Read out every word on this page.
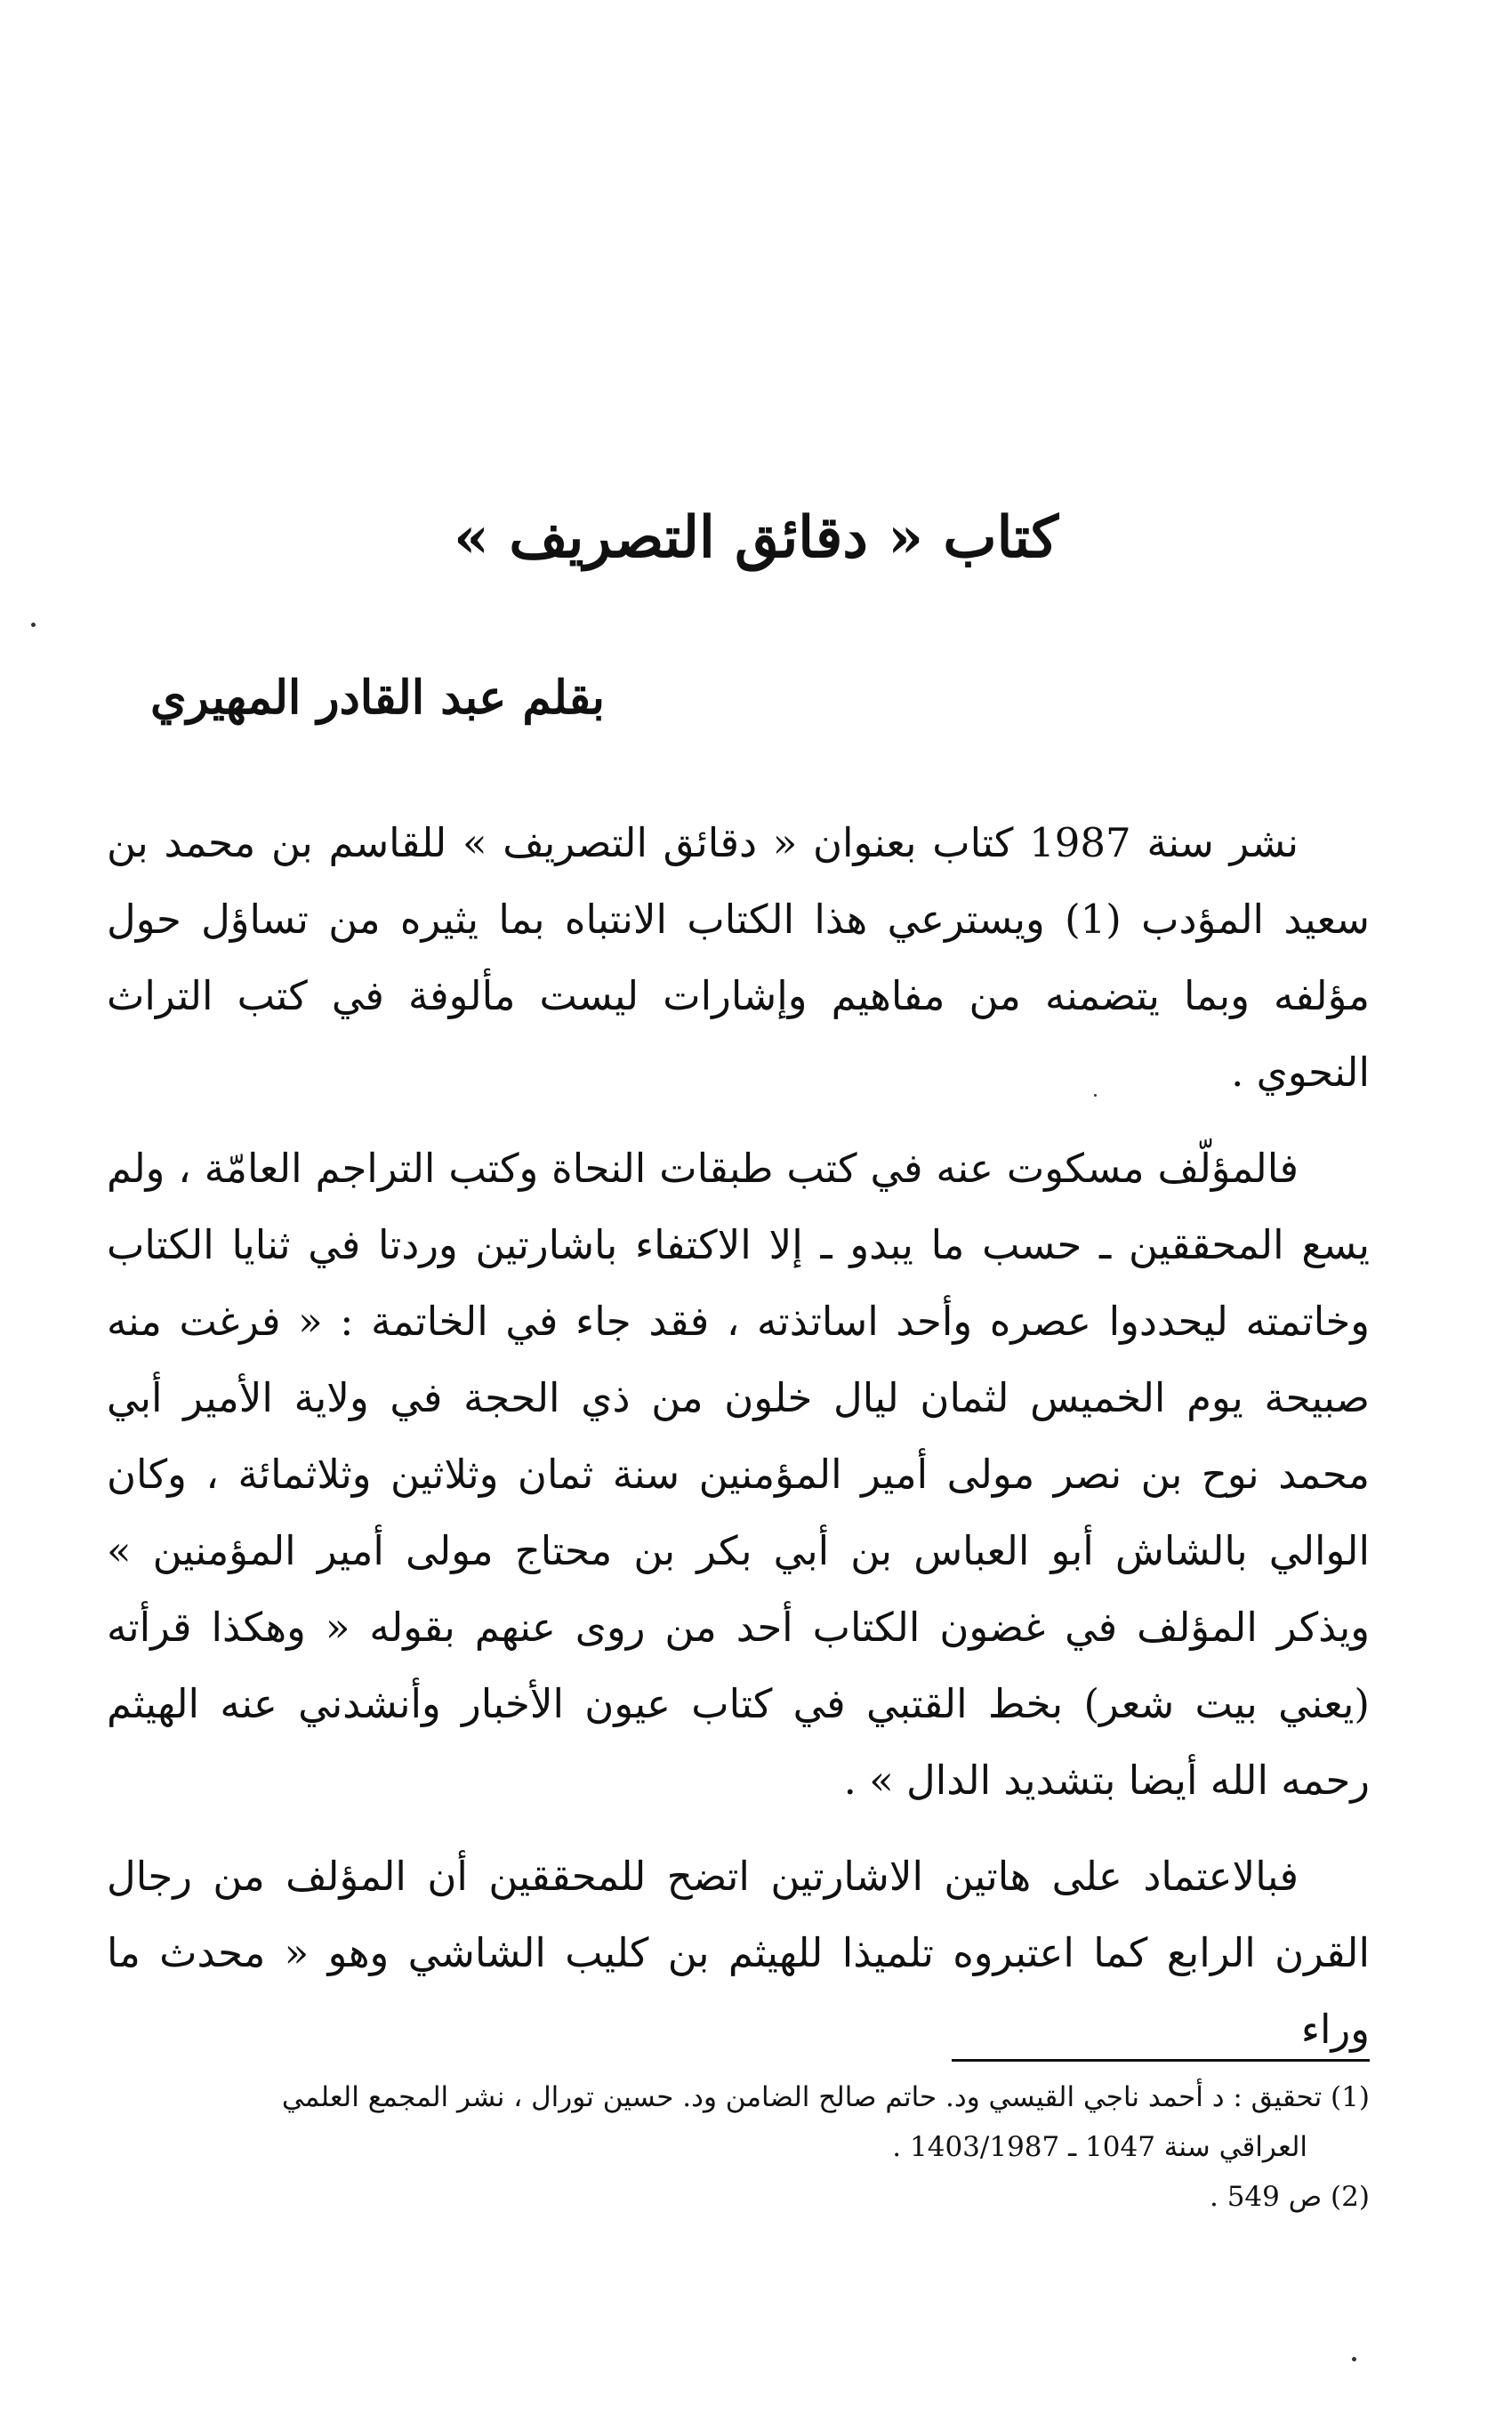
كتاب « دقائق التصريف »
بقلم عبد القادر المهيري

نشر سنة 1987 كتاب بعنوان « دقائق التصريف » للقاسم بن محمد بن سعيد المؤدب (1) ويسترعي هذا الكتاب الانتباه بما يثيره من تساؤل حول مؤلفه وبما يتضمنه من مفاهيم وإشارات ليست مألوفة في كتب التراث النحوي .

فالمؤلّف مسكوت عنه في كتب طبقات النحاة وكتب التراجم العامّة ، ولم يسع المحققين ـ حسب ما يبدو ـ إلا الاكتفاء باشارتين وردتا في ثنايا الكتاب وخاتمته ليحددوا عصره وأحد اساتذته ، فقد جاء في الخاتمة : « فرغت منه صبيحة يوم الخميس لثمان ليال خلون من ذي الحجة في ولاية الأمير أبي محمد نوح بن نصر مولى أمير المؤمنين سنة ثمان وثلاثين وثلاثمائة ، وكان الوالي بالشاش أبو العباس بن أبي بكر بن محتاج مولى أمير المؤمنين » ويذكر المؤلف في غضون الكتاب أحد من روى عنهم بقوله « وهكذا قرأته (يعني بيت شعر) بخط القتبي في كتاب عيون الأخبار وأنشدني عنه الهيثم رحمه الله أيضا بتشديد الدال » .

فبالاعتماد على هاتين الاشارتين اتضح للمحققين أن المؤلف من رجال القرن الرابع كما اعتبروه تلميذا للهيثم بن كليب الشاشي وهو « محدث ما وراء

(1) تحقيق : د أحمد ناجي القيسي ود. حاتم صالح الضامن ود. حسين تورال ، نشر المجمع العلمي

العراقي سنة 1047 ـ 1403/1987 .

(2) ص 549 .
